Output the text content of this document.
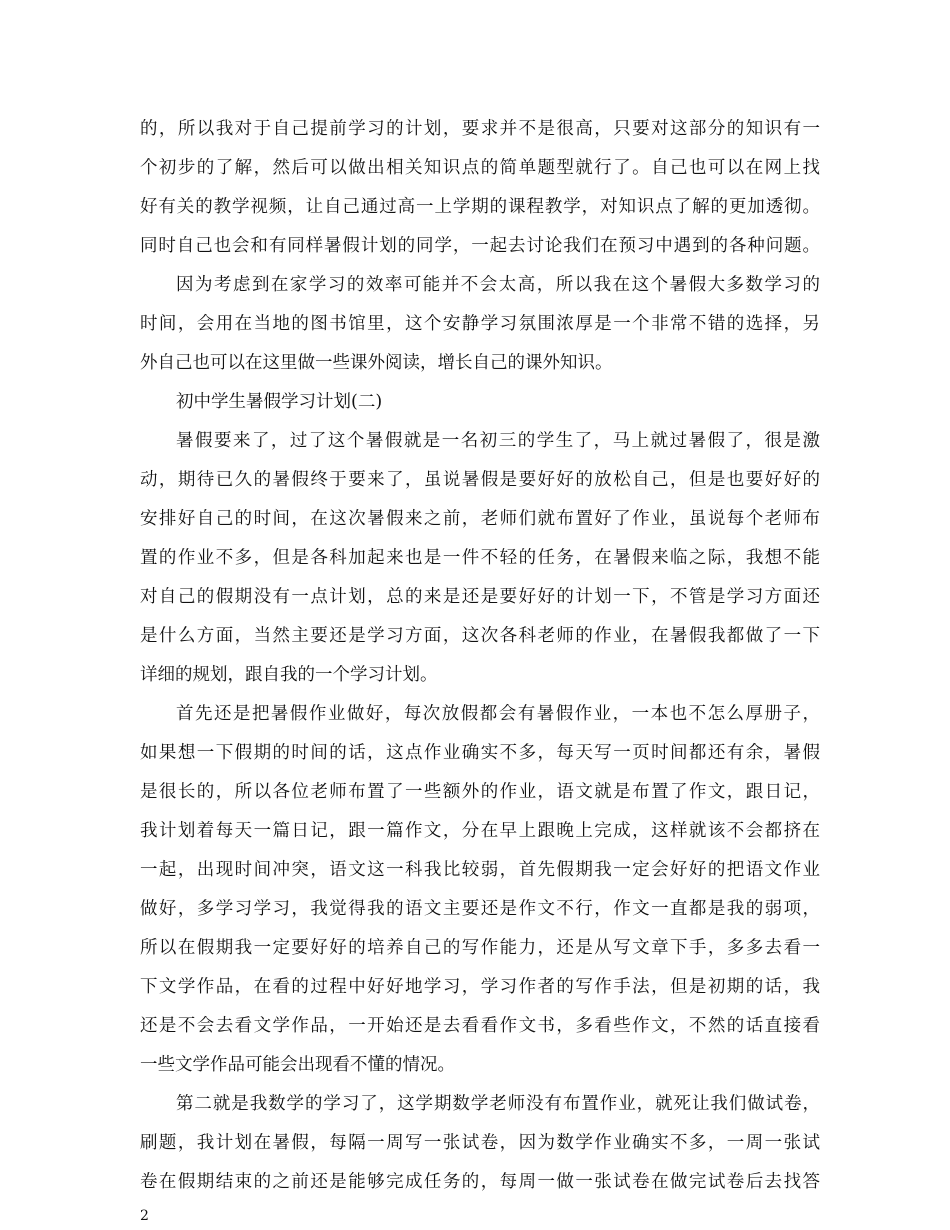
的，所以我对于自己提前学习的计划，要求并不是很高，只要对这部分的知识有一
个初步的了解，然后可以做出相关知识点的简单题型就行了。自己也可以在网上找
好有关的教学视频，让自己通过高一上学期的课程教学，对知识点了解的更加透彻。
同时自己也会和有同样暑假计划的同学，一起去讨论我们在预习中遇到的各种问题。
因为考虑到在家学习的效率可能并不会太高，所以我在这个暑假大多数学习的
时间，会用在当地的图书馆里，这个安静学习氛围浓厚是一个非常不错的选择，另
外自己也可以在这里做一些课外阅读，增长自己的课外知识。
初中学生暑假学习计划(二)
暑假要来了，过了这个暑假就是一名初三的学生了，马上就过暑假了，很是激
动，期待已久的暑假终于要来了，虽说暑假是要好好的放松自己，但是也要好好的
安排好自己的时间，在这次暑假来之前，老师们就布置好了作业，虽说每个老师布
置的作业不多，但是各科加起来也是一件不轻的任务，在暑假来临之际，我想不能
对自己的假期没有一点计划，总的来是还是要好好的计划一下，不管是学习方面还
是什么方面，当然主要还是学习方面，这次各科老师的作业，在暑假我都做了一下
详细的规划，跟自我的一个学习计划。
首先还是把暑假作业做好，每次放假都会有暑假作业，一本也不怎么厚册子，
如果想一下假期的时间的话，这点作业确实不多，每天写一页时间都还有余，暑假
是很长的，所以各位老师布置了一些额外的作业，语文就是布置了作文，跟日记，
我计划着每天一篇日记，跟一篇作文，分在早上跟晚上完成，这样就该不会都挤在
一起，出现时间冲突，语文这一科我比较弱，首先假期我一定会好好的把语文作业
做好，多学习学习，我觉得我的语文主要还是作文不行，作文一直都是我的弱项，
所以在假期我一定要好好的培养自己的写作能力，还是从写文章下手，多多去看一
下文学作品，在看的过程中好好地学习，学习作者的写作手法，但是初期的话，我
还是不会去看文学作品，一开始还是去看看作文书，多看些作文，不然的话直接看
一些文学作品可能会出现看不懂的情况。
第二就是我数学的学习了，这学期数学老师没有布置作业，就死让我们做试卷，
刷题，我计划在暑假，每隔一周写一张试卷，因为数学作业确实不多，一周一张试
卷在假期结束的之前还是能够完成任务的，每周一做一张试卷在做完试卷后去找答
2
